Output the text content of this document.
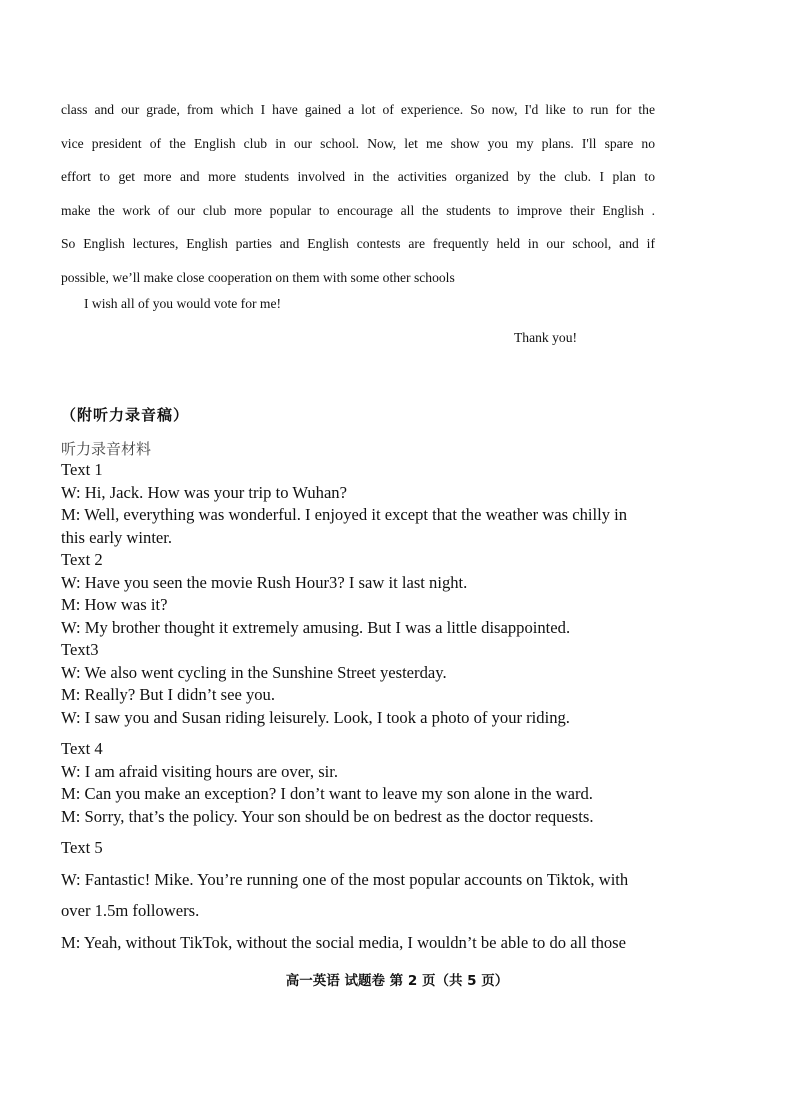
class and our grade, from which I have gained a lot of experience. So now, I'd like to run for the
vice president of the English club in our school. Now, let me show you my plans. I'll spare no
effort to get more and more students involved in the activities organized by the club. I plan to
make the work of our club more popular to encourage all the students to improve their English .
So English lectures, English parties and English contests are frequently held in our school, and if
possible, we’ll make close cooperation on them with some other schools
I wish all of you would vote for me!
Thank you!
（附听力录音稿）
听力录音材料
Text 1
W: Hi, Jack. How was your trip to Wuhan?
M: Well, everything was wonderful. I enjoyed it except that the weather was chilly in
this early winter.
Text 2
W: Have you seen the movie Rush Hour3? I saw it last night.
M: How was it?
W: My brother thought it extremely amusing. But I was a little disappointed.
Text3
W: We also went cycling in the Sunshine Street yesterday.
M: Really? But I didn’t see you.
W: I saw you and Susan riding leisurely. Look, I took a photo of your riding.
Text 4
W: I am afraid visiting hours are over, sir.
M: Can you make an exception? I don’t want to leave my son alone in the ward.
M: Sorry, that’s the policy. Your son should be on bedrest as the doctor requests.
Text 5
W: Fantastic! Mike. You’re running one of the most popular accounts on Tiktok, with
over 1.5m followers.
M: Yeah, without TikTok, without the social media, I wouldn’t be able to do all those
高一英语 试题卷 第 2 页（共 5 页）
